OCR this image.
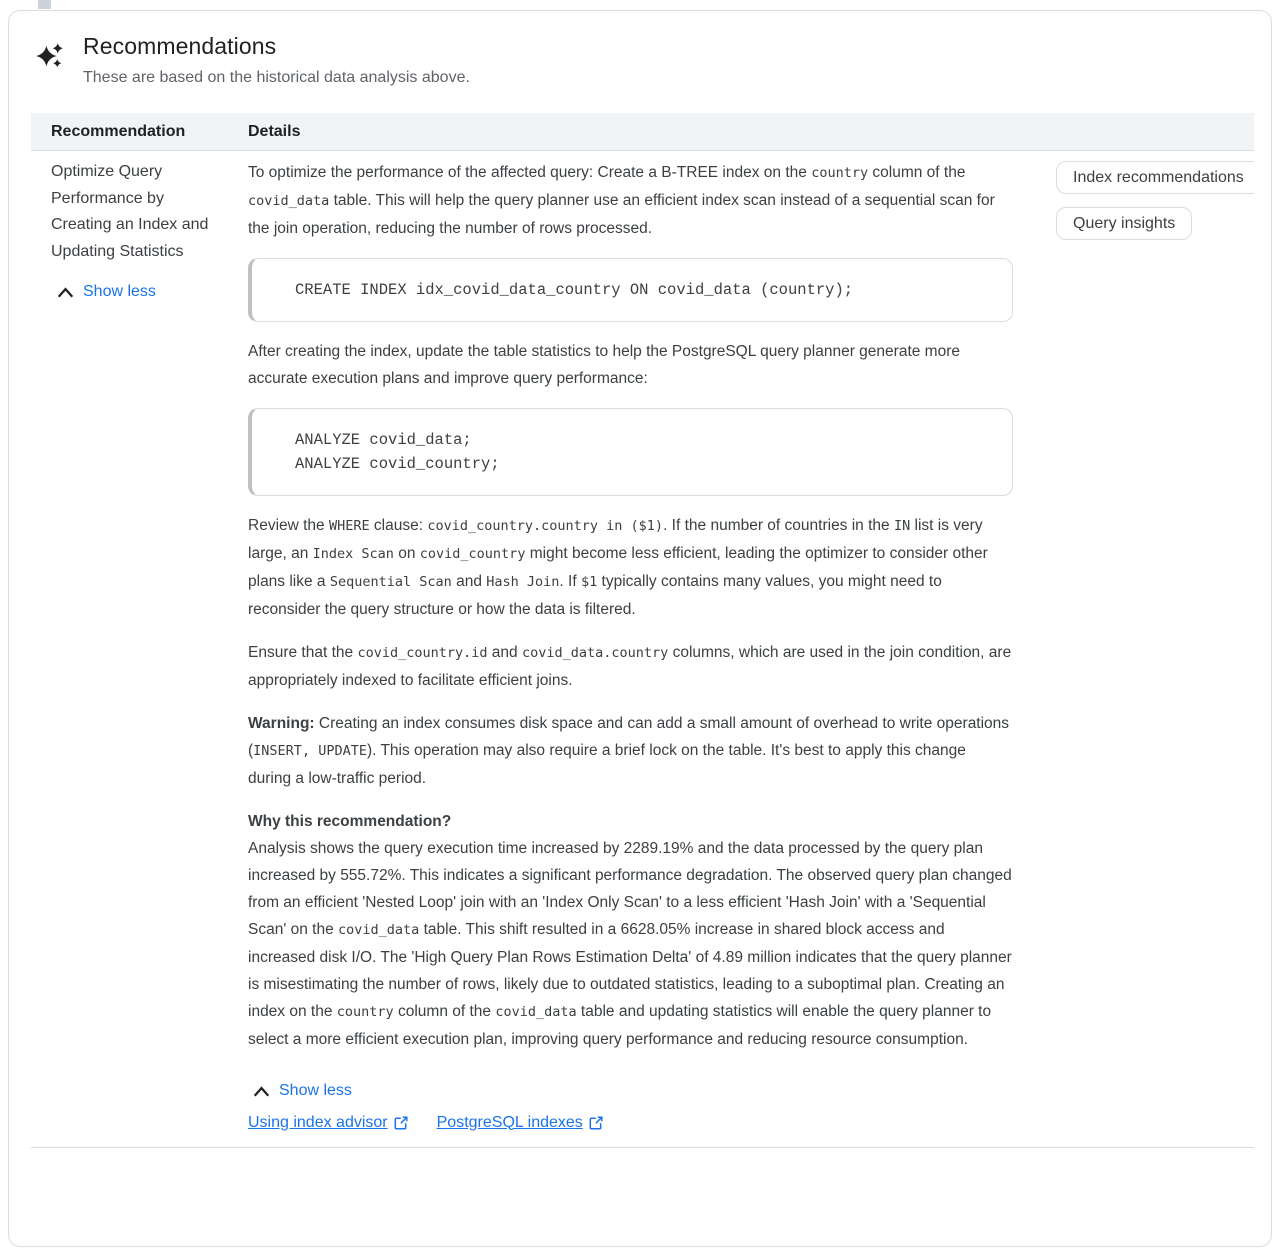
Recommendations

These are based on the historical data analysis above.

Recommendation	Details
Optimize Query Performance by Creating an Index and Updating Statistics
Show less

To optimize the performance of the affected query: Create a B-TREE index on the country column of the covid_data table. This will help the query planner use an efficient index scan instead of a sequential scan for the join operation, reducing the number of rows processed.

CREATE INDEX idx_covid_data_country ON covid_data (country);

After creating the index, update the table statistics to help the PostgreSQL query planner generate more accurate execution plans and improve query performance:

ANALYZE covid_data;
ANALYZE covid_country;

Review the WHERE clause: covid_country.country in ($1). If the number of countries in the IN list is very large, an Index Scan on covid_country might become less efficient, leading the optimizer to consider other plans like a Sequential Scan and Hash Join. If $1 typically contains many values, you might need to reconsider the query structure or how the data is filtered.

Ensure that the covid_country.id and covid_data.country columns, which are used in the join condition, are appropriately indexed to facilitate efficient joins.

Warning: Creating an index consumes disk space and can add a small amount of overhead to write operations (INSERT, UPDATE). This operation may also require a brief lock on the table. It's best to apply this change during a low-traffic period.

Why this recommendation?
Analysis shows the query execution time increased by 2289.19% and the data processed by the query plan increased by 555.72%. This indicates a significant performance degradation. The observed query plan changed from an efficient 'Nested Loop' join with an 'Index Only Scan' to a less efficient 'Hash Join' with a 'Sequential Scan' on the covid_data table. This shift resulted in a 6628.05% increase in shared block access and increased disk I/O. The 'High Query Plan Rows Estimation Delta' of 4.89 million indicates that the query planner is misestimating the number of rows, likely due to outdated statistics, leading to a suboptimal plan. Creating an index on the country column of the covid_data table and updating statistics will enable the query planner to select a more efficient execution plan, improving query performance and reducing resource consumption.

Show less
Using index advisor	PostgreSQL indexes
Index recommendations
Query insights
